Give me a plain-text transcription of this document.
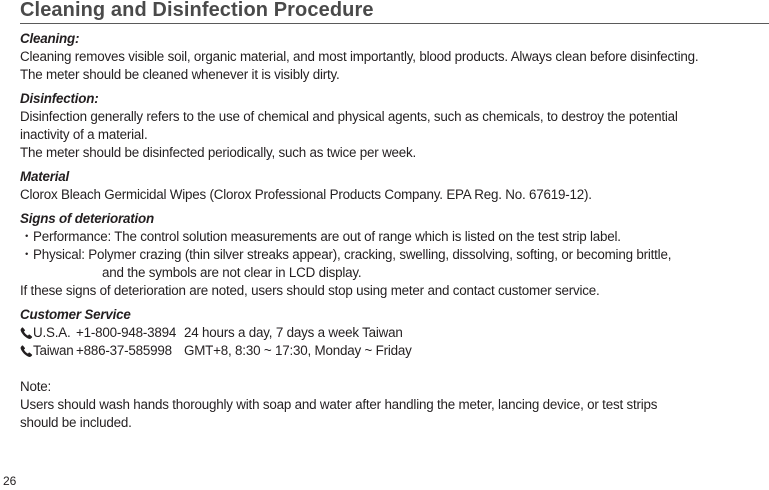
Cleaning and Disinfection Procedure
Cleaning:
Cleaning removes visible soil, organic material, and most importantly, blood products. Always clean before disinfecting.
The meter should be cleaned whenever it is visibly dirty.
Disinfection:
Disinfection generally refers to the use of chemical and physical agents, such as chemicals, to destroy the potential
inactivity of a material.
The meter should be disinfected periodically, such as twice per week.
Material
Clorox Bleach Germicidal Wipes (Clorox Professional Products Company. EPA Reg. No. 67619-12).
Signs of deterioration
・Performance: The control solution measurements are out of range which is listed on the test strip label.
・Physical: Polymer crazing (thin silver streaks appear), cracking, swelling, dissolving, softing, or becoming brittle,
and the symbols are not clear in LCD display.
If these signs of deterioration are noted, users should stop using meter and contact customer service.
Customer Service
U.S.A. +1-800-948-3894 24 hours a day, 7 days a week Taiwan
Taiwan +886-37-585998 GMT+8, 8:30 ~ 17:30, Monday ~ Friday
Note:
Users should wash hands thoroughly with soap and water after handling the meter, lancing device, or test strips
should be included.
26
